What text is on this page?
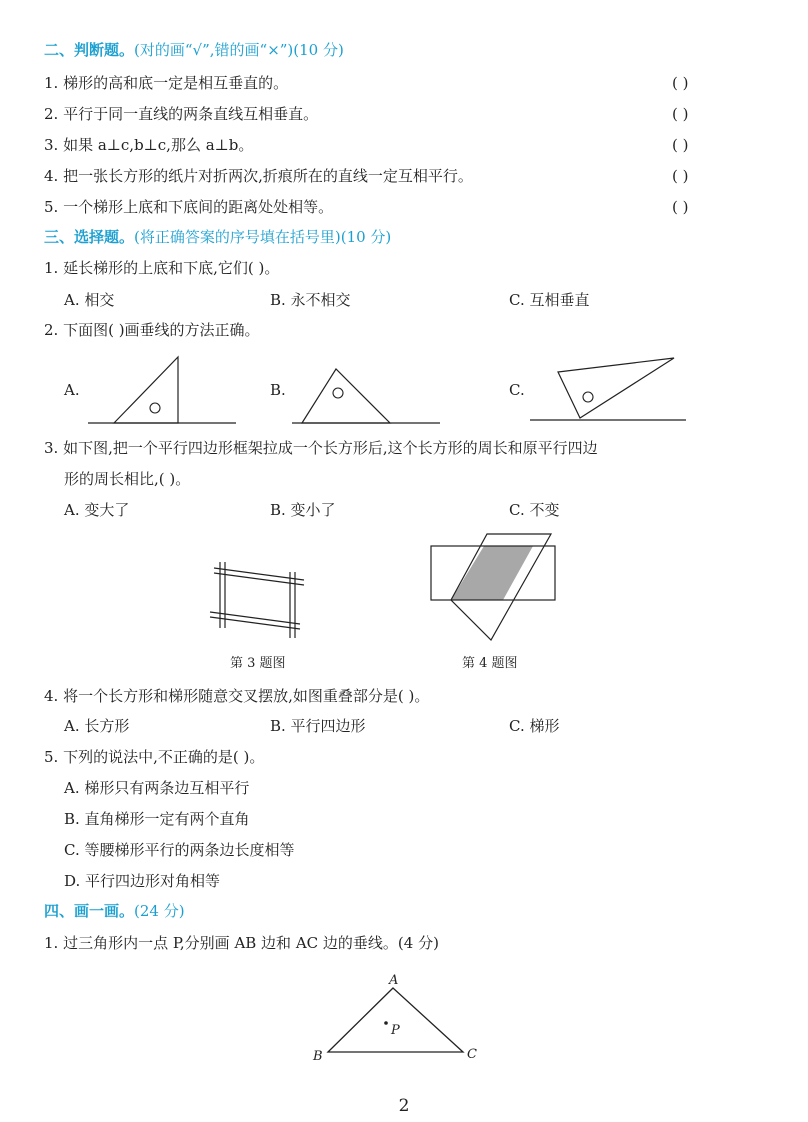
二、判断题。(对的画“√”,错的画“×”)(10 分)
1. 梯形的高和底一定是相互垂直的。	( )
2. 平行于同一直线的两条直线互相垂直。	( )
3. 如果 a⊥c,b⊥c,那么 a⊥b。	( )
4. 把一张长方形的纸片对折两次,折痕所在的直线一定互相平行。	( )
5. 一个梯形上底和下底间的距离处处相等。	( )
三、选择题。(将正确答案的序号填在括号里)(10 分)
1. 延长梯形的上底和下底,它们( )。
A. 相交	B. 永不相交	C. 互相垂直
2. 下面图( )画垂线的方法正确。
A.	B.	C.
3. 如下图,把一个平行四边形框架拉成一个长方形后,这个长方形的周长和原平行四边
形的周长相比,( )。
A. 变大了	B. 变小了	C. 不变
第 3 题图	第 4 题图
4. 将一个长方形和梯形随意交叉摆放,如图重叠部分是( )。
A. 长方形	B. 平行四边形	C. 梯形
5. 下列的说法中,不正确的是( )。
A. 梯形只有两条边互相平行
B. 直角梯形一定有两个直角
C. 等腰梯形平行的两条边长度相等
D. 平行四边形对角相等
四、画一画。(24 分)
1. 过三角形内一点 P,分别画 AB 边和 AC 边的垂线。(4 分)
A
B	C
P
2
